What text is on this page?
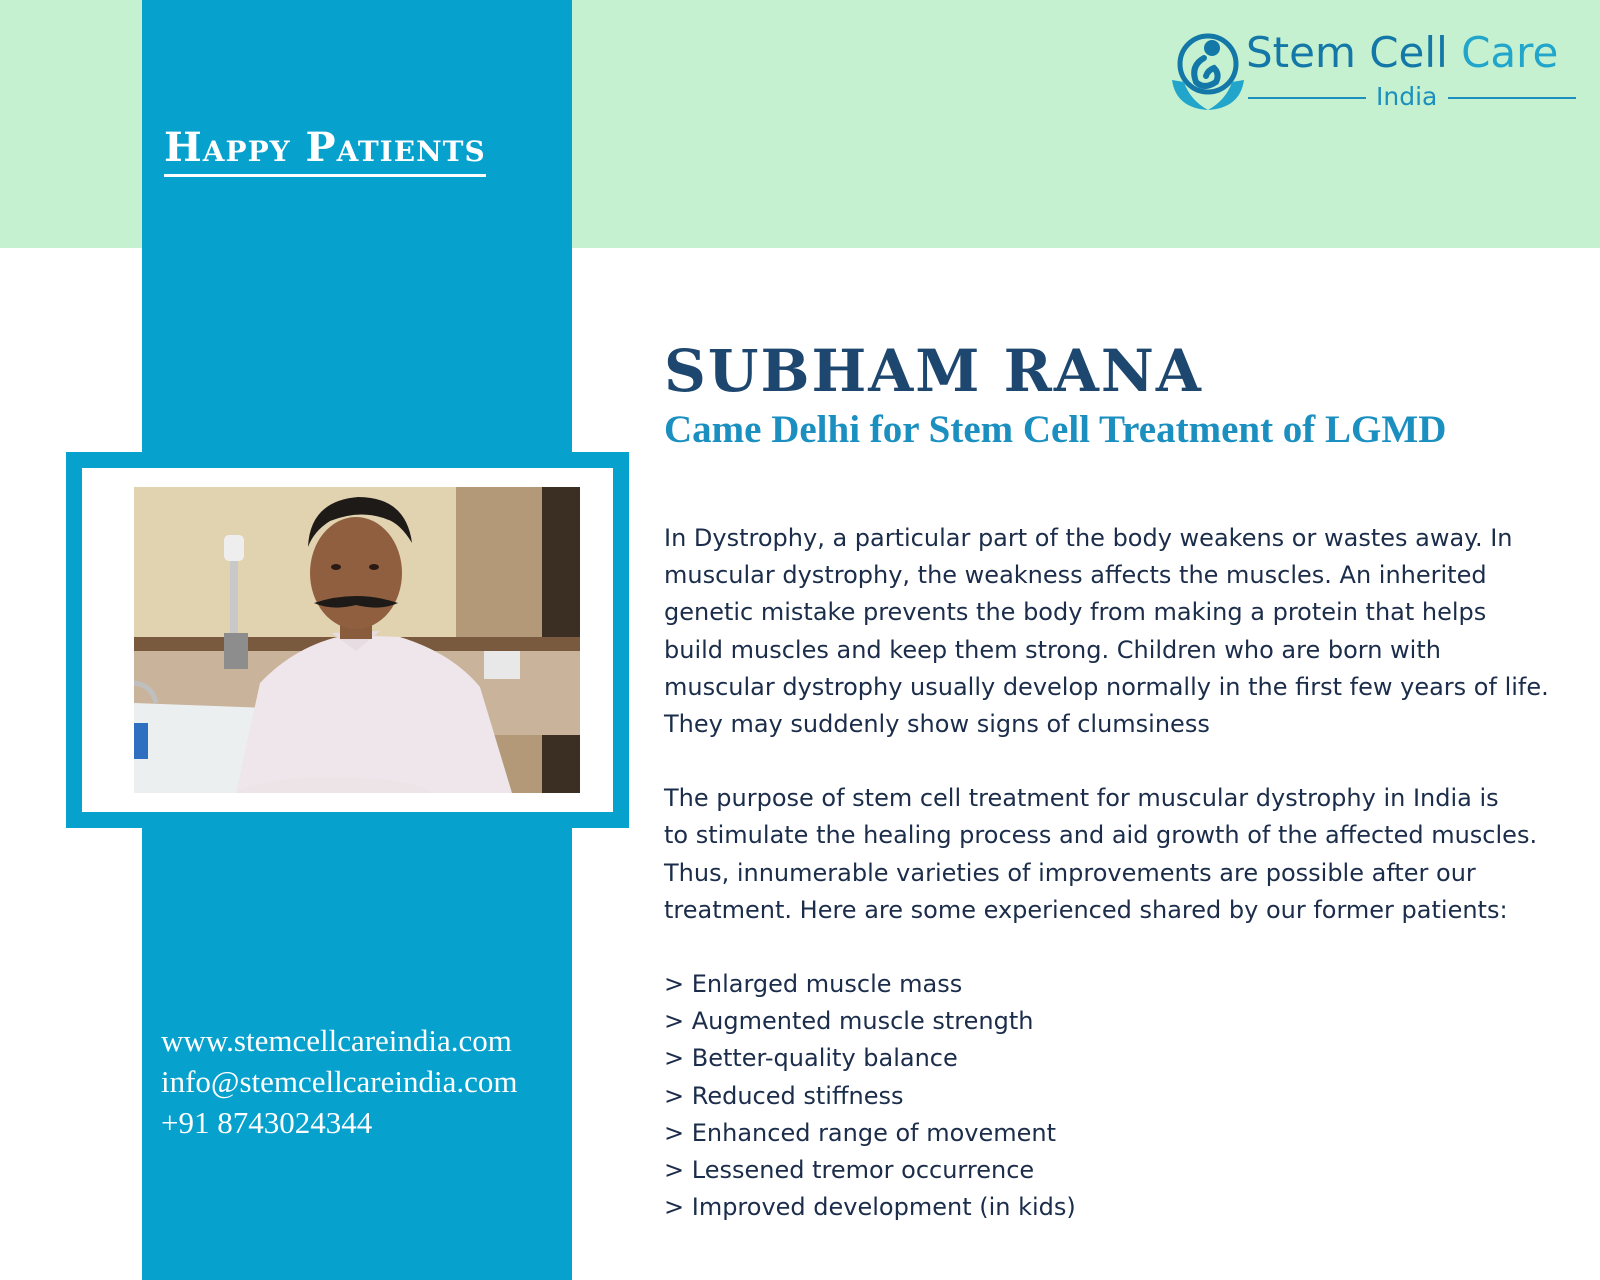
Happy Patients
www.stemcellcareindia.com
info@stemcellcareindia.com
+91 8743024344
Stem Cell Care
India
SUBHAM RANA
Came Delhi for Stem Cell Treatment of LGMD
In Dystrophy, a particular part of the body weakens or wastes away. In
muscular dystrophy, the weakness affects the muscles. An inherited
genetic mistake prevents the body from making a protein that helps
build muscles and keep them strong. Children who are born with
muscular dystrophy usually develop normally in the first few years of life.
They may suddenly show signs of clumsiness
The purpose of stem cell treatment for muscular dystrophy in India is
to stimulate the healing process and aid growth of the affected muscles.
Thus, innumerable varieties of improvements are possible after our
treatment. Here are some experienced shared by our former patients:
> Enlarged muscle mass
> Augmented muscle strength
> Better-quality balance
> Reduced stiffness
> Enhanced range of movement
> Lessened tremor occurrence
> Improved development (in kids)
